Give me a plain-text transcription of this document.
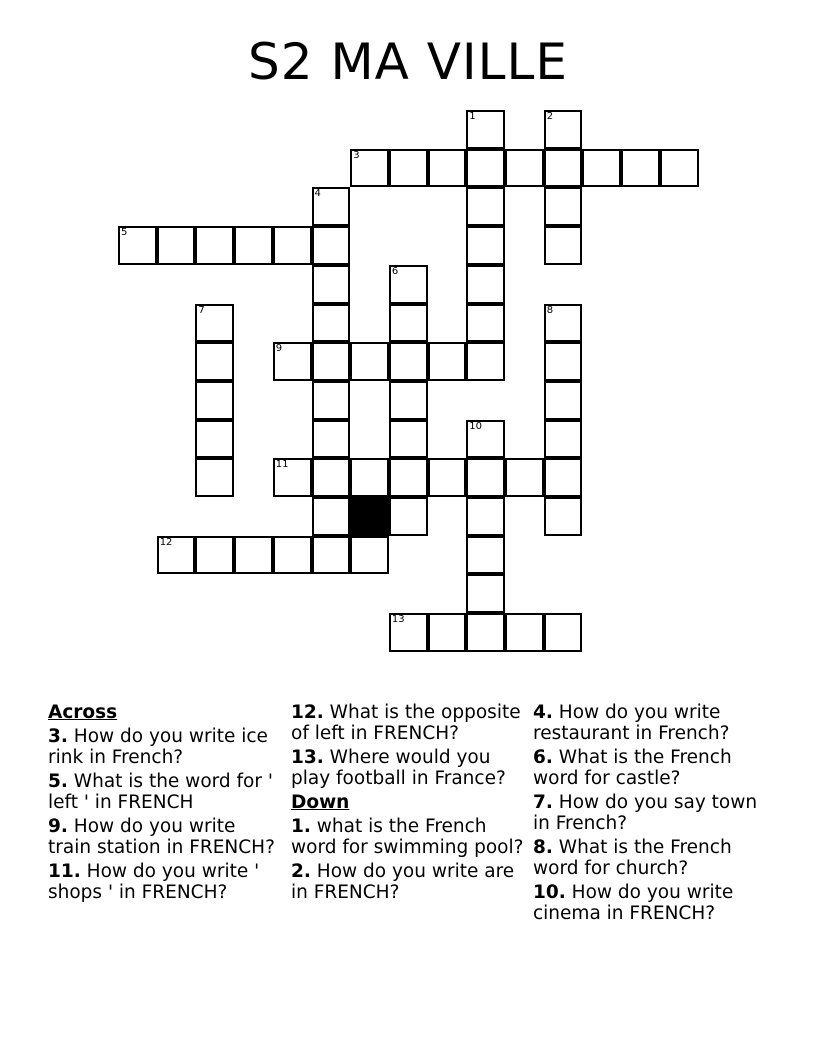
S2 MA VILLE
1	2
3
4
5
6
7	8
9
10
11
12
13
Across
3. How do you write ice rink in French?
5. What is the word for ' left ' in FRENCH
9. How do you write train station in FRENCH?
11. How do you write ' shops ' in FRENCH?
12. What is the opposite of left in FRENCH?
13. Where would you play football in France?
Down
1. what is the French word for swimming pool?
2. How do you write are in FRENCH?
4. How do you write restaurant in French?
6. What is the French word for castle?
7. How do you say town in French?
8. What is the French word for church?
10. How do you write cinema in FRENCH?
